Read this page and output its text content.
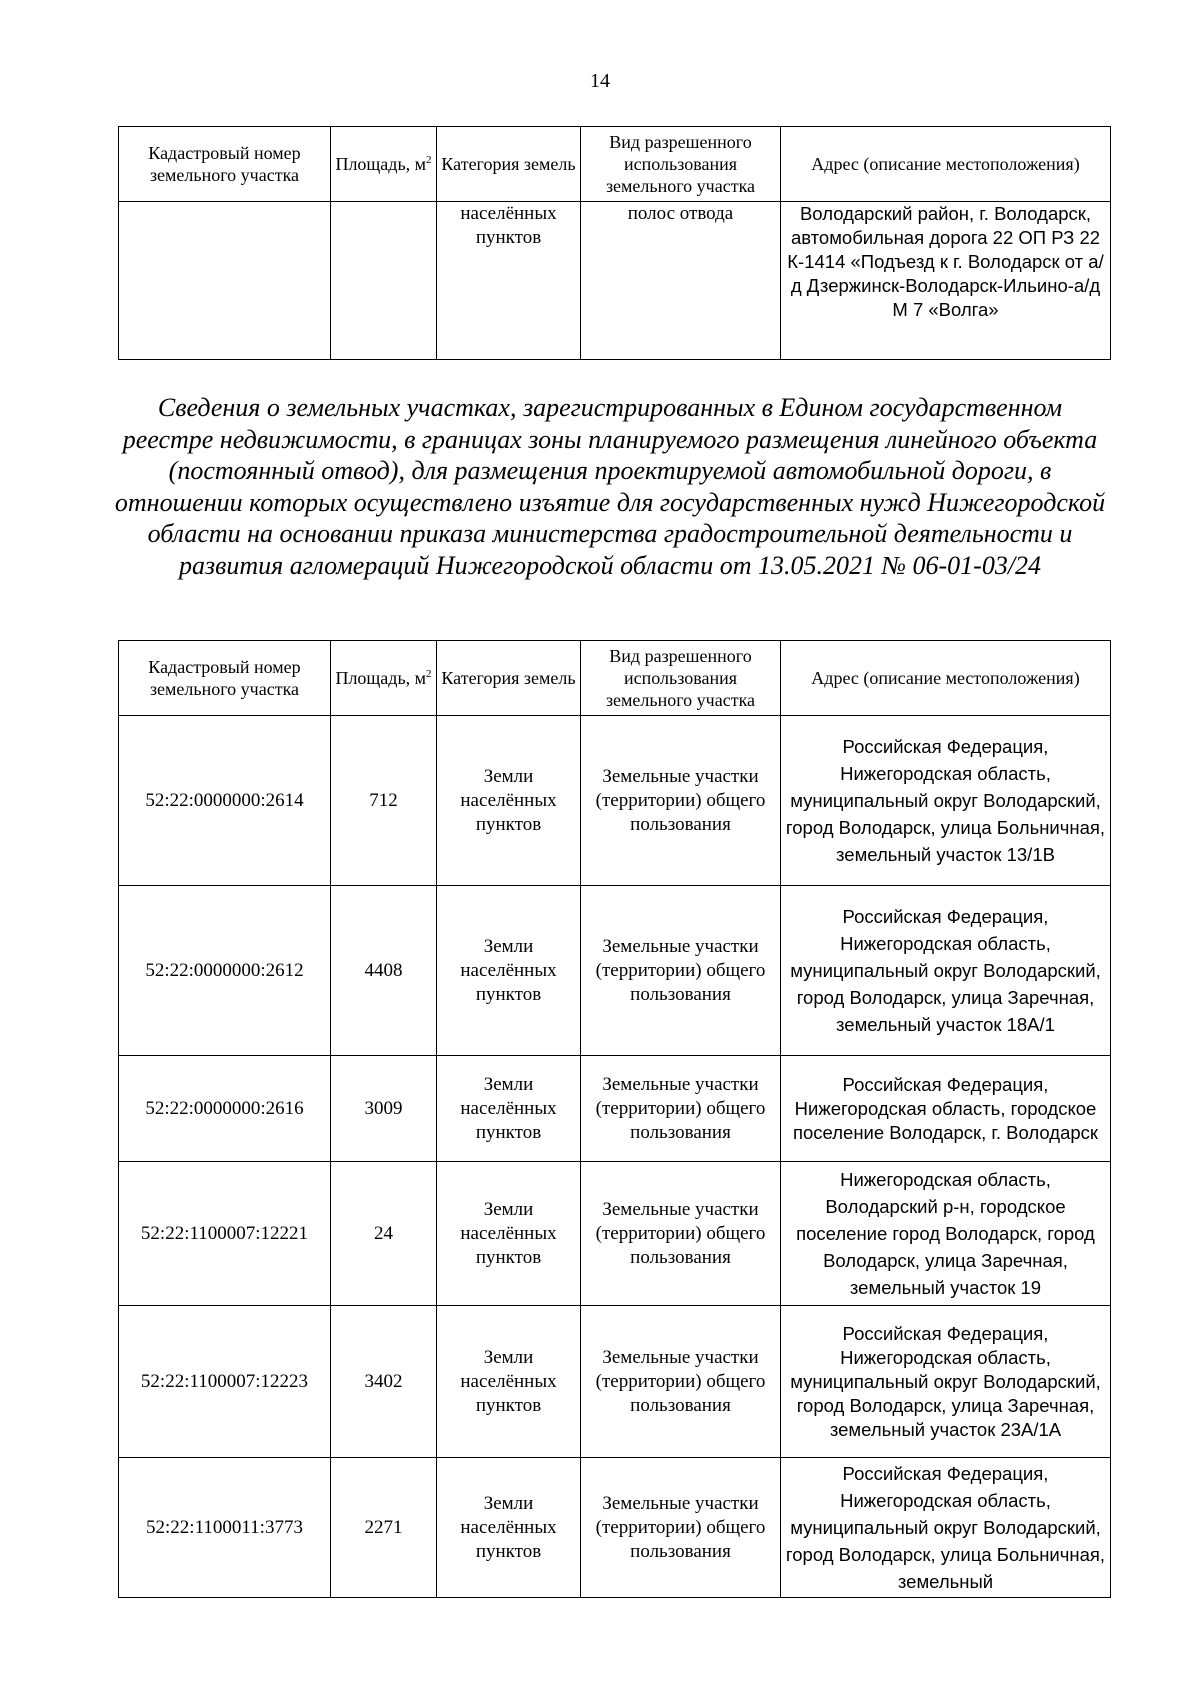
14
Кадастровый номер земельного участка	Площадь, $м^2$	Категория земель	Вид разрешенного использования земельного участка	Адрес (описание местоположения)
		населённых пунктов	полос отвода	Володарский район, г. Володарск, автомобильная дорога 22 ОП РЗ 22 К-1414 «Подъезд к г. Володарск от а/д Дзержинск-Володарск-Ильино-а/д М 7 «Волга»
Сведения о земельных участках, зарегистрированных в Едином государственном реестре недвижимости, в границах зоны планируемого размещения линейного объекта (постоянный отвод), для размещения проектируемой автомобильной дороги, в отношении которых осуществлено изъятие для государственных нужд Нижегородской области на основании приказа министерства градостроительной деятельности и развития агломераций Нижегородской области от 13.05.2021 № 06-01-03/24
Кадастровый номер земельного участка	Площадь, $м^2$	Категория земель	Вид разрешенного использования земельного участка	Адрес (описание местоположения)
52:22:0000000:2614	712	Земли населённых пунктов	Земельные участки (территории) общего пользования	Российская Федерация, Нижегородская область, муниципальный округ Володарский, город Володарск, улица Больничная, земельный участок 13/1В
52:22:0000000:2612	4408	Земли населённых пунктов	Земельные участки (территории) общего пользования	Российская Федерация, Нижегородская область, муниципальный округ Володарский, город Володарск, улица Заречная, земельный участок 18А/1
52:22:0000000:2616	3009	Земли населённых пунктов	Земельные участки (территории) общего пользования	Российская Федерация, Нижегородская область, городское поселение Володарск, г. Володарск
52:22:1100007:12221	24	Земли населённых пунктов	Земельные участки (территории) общего пользования	Нижегородская область, Володарский р-н, городское поселение город Володарск, город Володарск, улица Заречная, земельный участок 19
52:22:1100007:12223	3402	Земли населённых пунктов	Земельные участки (территории) общего пользования	Российская Федерация, Нижегородская область, муниципальный округ Володарский, город Володарск, улица Заречная, земельный участок 23А/1А
52:22:1100011:3773	2271	Земли населённых пунктов	Земельные участки (территории) общего пользования	Российская Федерация, Нижегородская область, муниципальный округ Володарский, город Володарск, улица Больничная, земельный
